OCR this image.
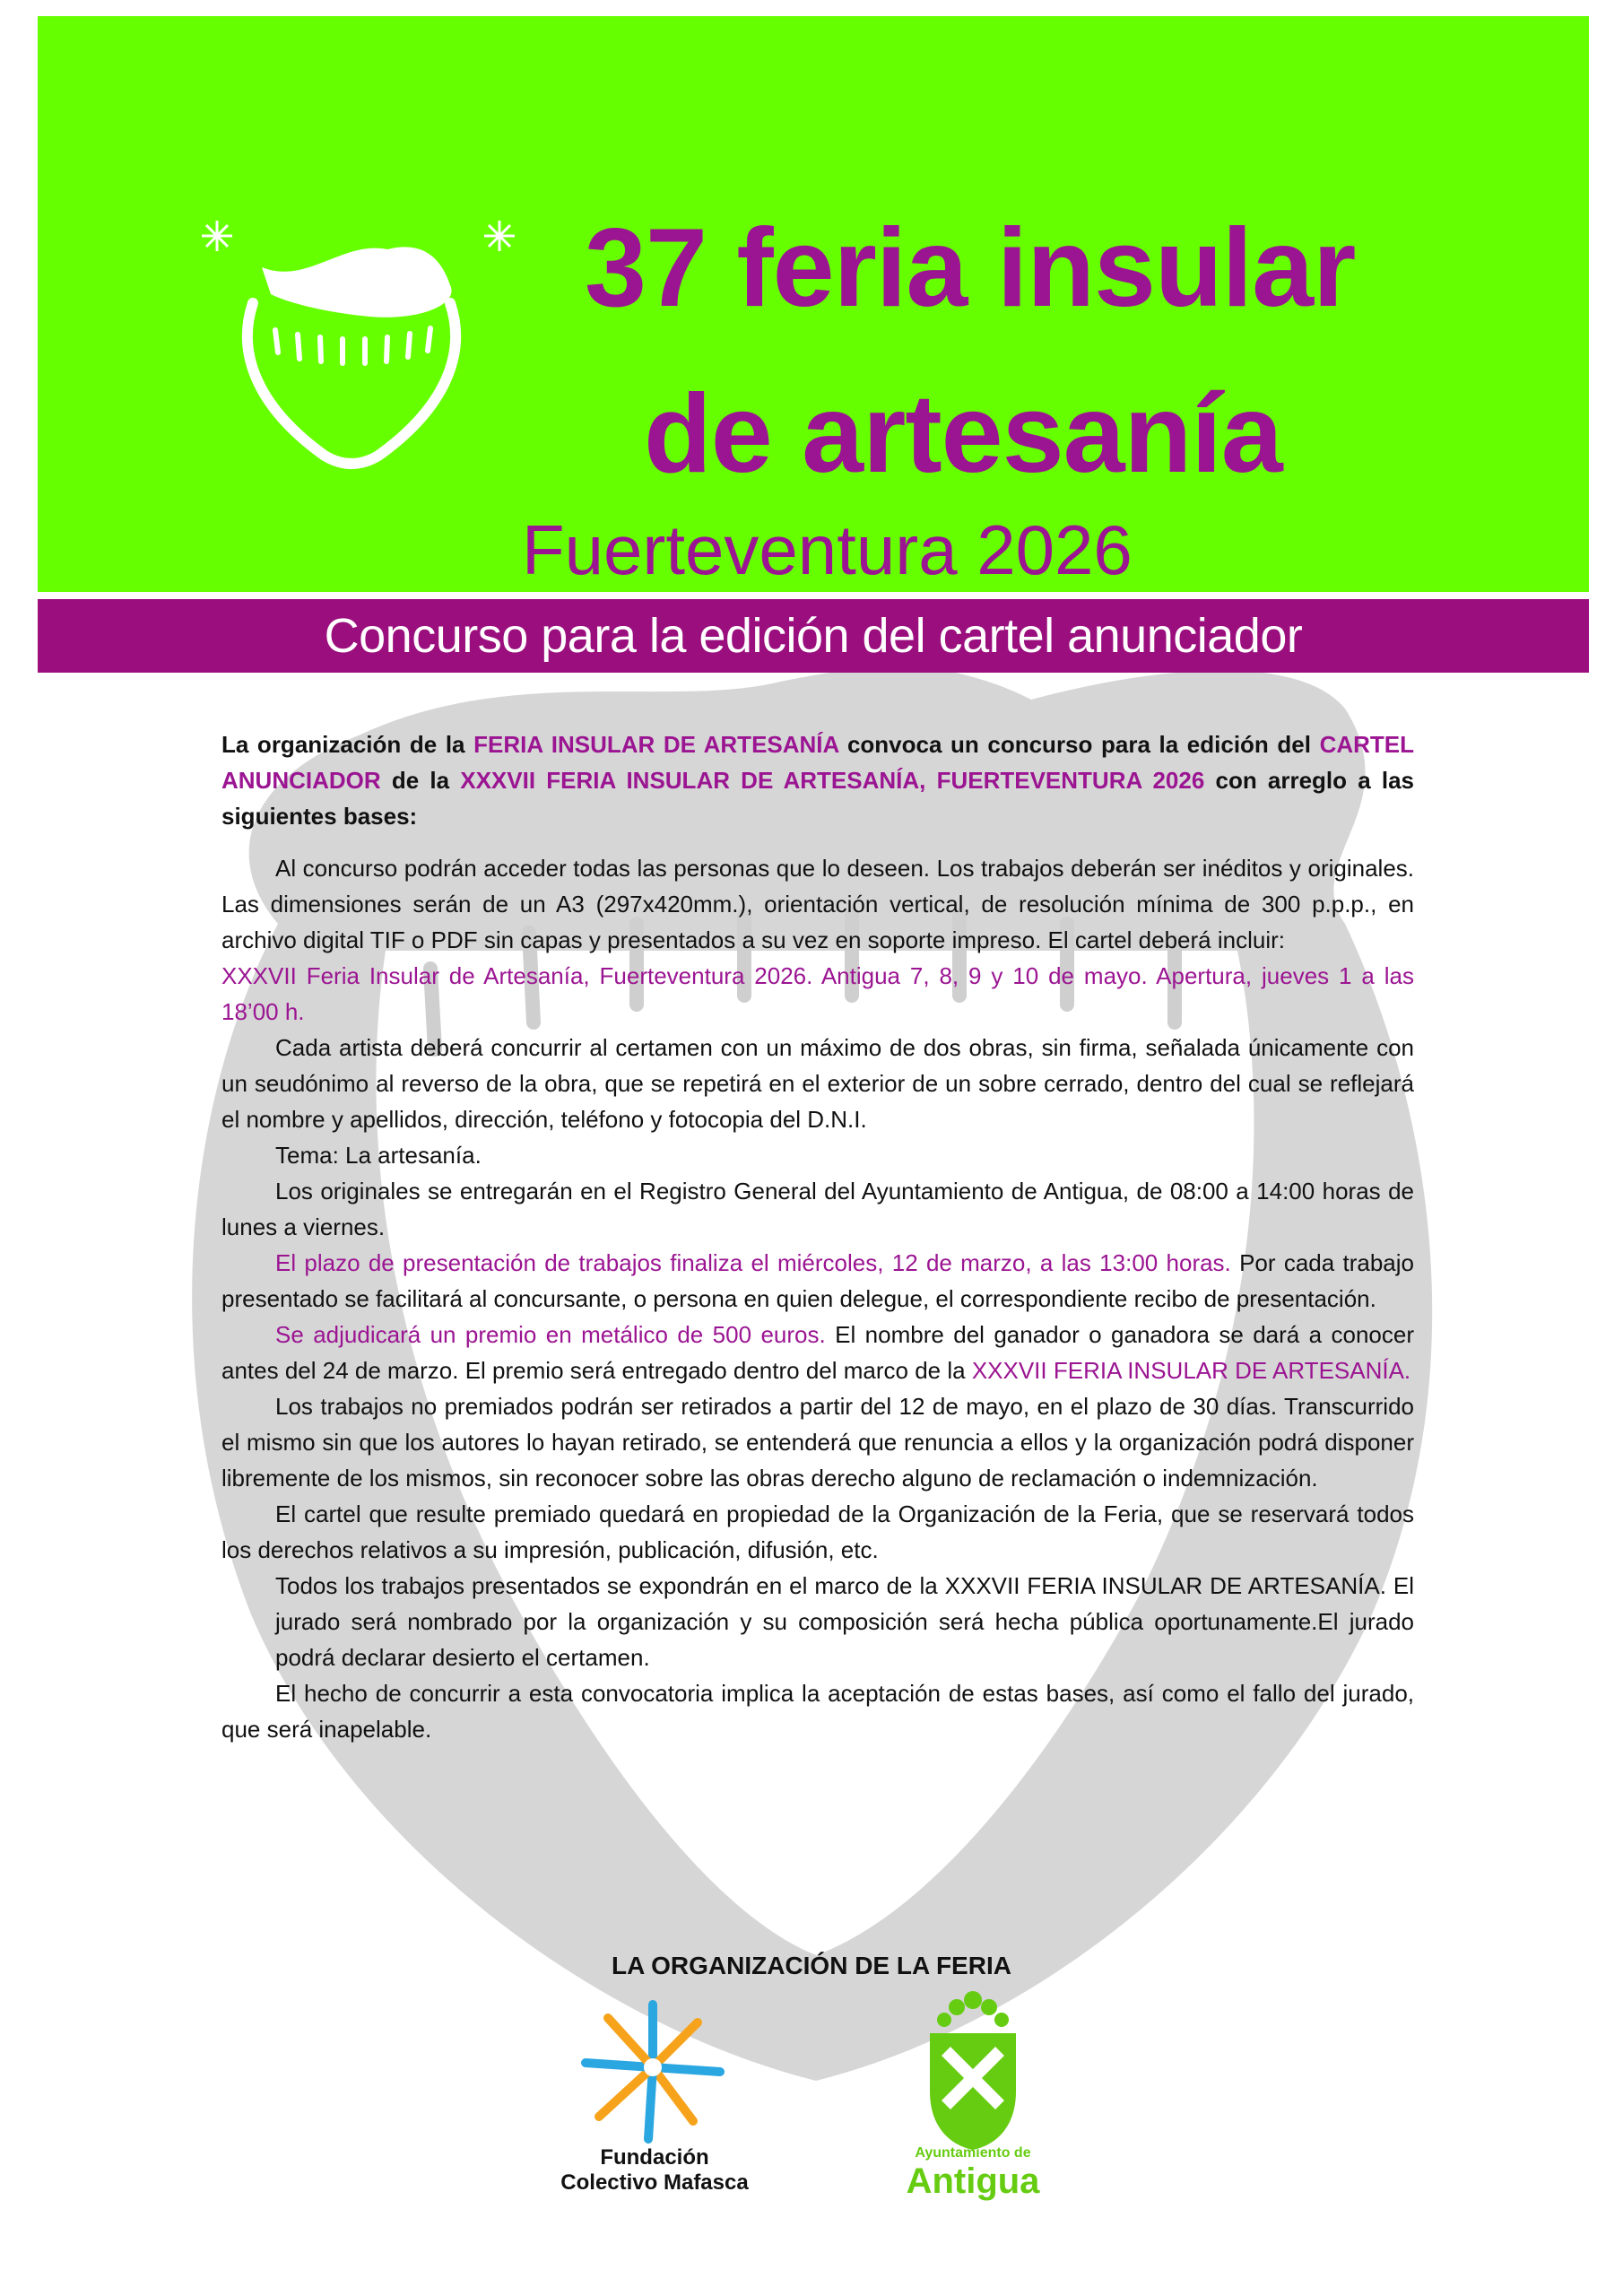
37 feria insular
de artesanía
Fuerteventura 2026
Concurso para la edición del cartel anunciador

La organización de la FERIA INSULAR DE ARTESANÍA convoca un concurso para la edición del CARTEL ANUNCIADOR de la XXXVII FERIA INSULAR DE ARTESANÍA, FUERTEVENTURA 2026 con arreglo a las siguientes bases:

Al concurso podrán acceder todas las personas que lo deseen. Los trabajos deberán ser inéditos y originales. Las dimensiones serán de un A3 (297x420mm.), orientación vertical, de resolución mínima de 300 p.p.p., en archivo digital TIF o PDF sin capas y presentados a su vez en soporte impreso. El cartel deberá incluir:

XXXVII Feria Insular de Artesanía, Fuerteventura 2026. Antigua 7, 8, 9 y 10 de mayo. Apertura, jueves 1 a las 18’00 h.

Cada artista deberá concurrir al certamen con un máximo de dos obras, sin firma, señalada únicamente con un seudónimo al reverso de la obra, que se repetirá en el exterior de un sobre cerrado, dentro del cual se reflejará el nombre y apellidos, dirección, teléfono y fotocopia del D.N.I.

Tema: La artesanía.

Los originales se entregarán en el Registro General del Ayuntamiento de Antigua, de 08:00 a 14:00 horas de lunes a viernes.

El plazo de presentación de trabajos finaliza el miércoles, 12 de marzo, a las 13:00 horas. Por cada trabajo presentado se facilitará al concursante, o persona en quien delegue, el correspondiente recibo de presentación.

Se adjudicará un premio en metálico de 500 euros. El nombre del ganador o ganadora se dará a conocer antes del 24 de marzo. El premio será entregado dentro del marco de la XXXVII FERIA INSULAR DE ARTESANÍA.

Los trabajos no premiados podrán ser retirados a partir del 12 de mayo, en el plazo de 30 días. Transcurrido el mismo sin que los autores lo hayan retirado, se entenderá que renuncia a ellos y la organización podrá disponer libremente de los mismos, sin reconocer sobre las obras derecho alguno de reclamación o indemnización.

El cartel que resulte premiado quedará en propiedad de la Organización de la Feria, que se reservará todos los derechos relativos a su impresión, publicación, difusión, etc.

Todos los trabajos presentados se expondrán en el marco de la XXXVII FERIA INSULAR DE ARTESANÍA. El jurado será nombrado por la organización y su composición será hecha pública oportunamente.El jurado podrá declarar desierto el certamen.

El hecho de concurrir a esta convocatoria implica la aceptación de estas bases, así como el fallo del jurado, que será inapelable.

LA ORGANIZACIÓN DE LA FERIA
Fundación
Colectivo Mafasca
Ayuntamiento de
Antigua
